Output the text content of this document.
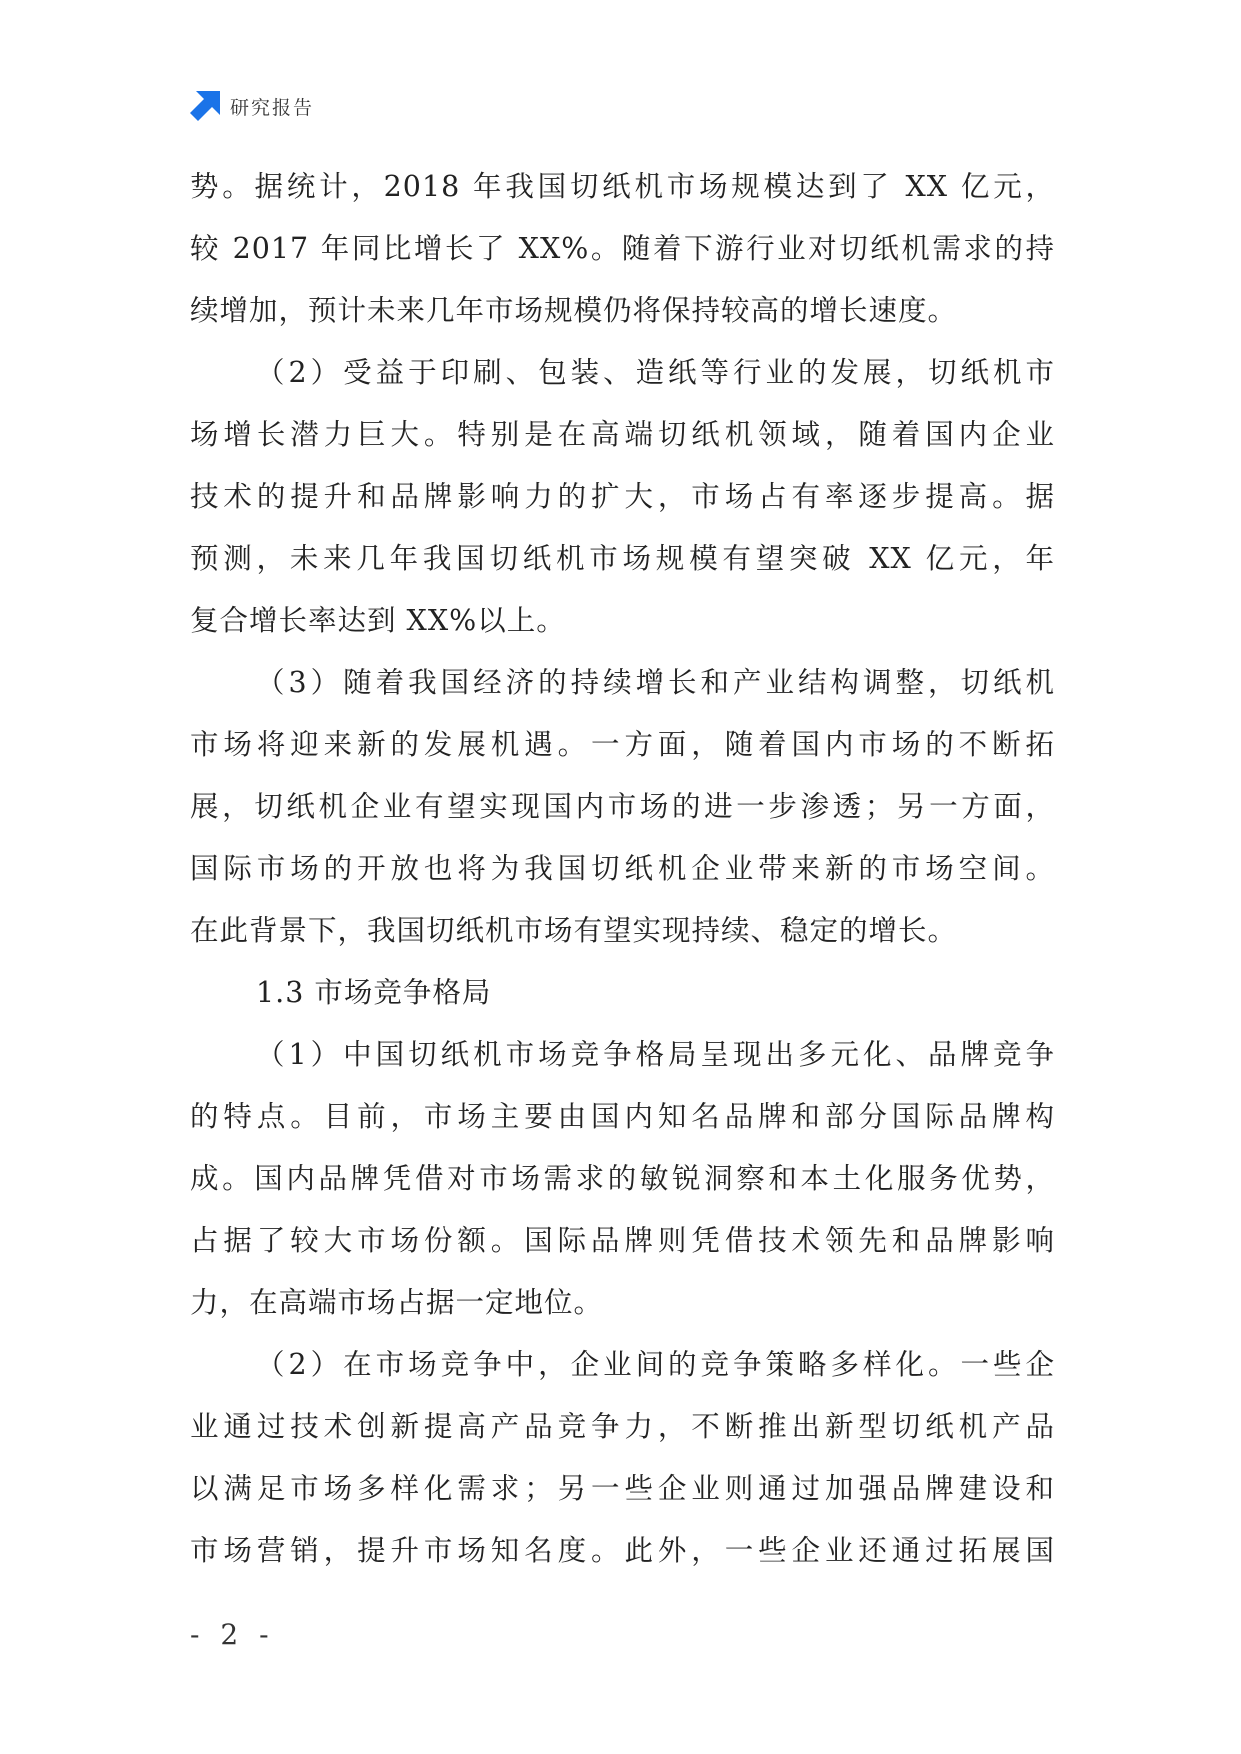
研究报告
势。据统计，2018 年我国切纸机市场规模达到了 XX 亿元，
较 2017 年同比增长了 XX%。随着下游行业对切纸机需求的持
续增加，预计未来几年市场规模仍将保持较高的增长速度。
（2）受益于印刷、包装、造纸等行业的发展，切纸机市
场增长潜力巨大。特别是在高端切纸机领域，随着国内企业
技术的提升和品牌影响力的扩大，市场占有率逐步提高。据
预测，未来几年我国切纸机市场规模有望突破 XX 亿元，年
复合增长率达到 XX%以上。
（3）随着我国经济的持续增长和产业结构调整，切纸机
市场将迎来新的发展机遇。一方面，随着国内市场的不断拓
展，切纸机企业有望实现国内市场的进一步渗透；另一方面，
国际市场的开放也将为我国切纸机企业带来新的市场空间。
在此背景下，我国切纸机市场有望实现持续、稳定的增长。
1.3 市场竞争格局
（1）中国切纸机市场竞争格局呈现出多元化、品牌竞争
的特点。目前，市场主要由国内知名品牌和部分国际品牌构
成。国内品牌凭借对市场需求的敏锐洞察和本土化服务优势，
占据了较大市场份额。国际品牌则凭借技术领先和品牌影响
力，在高端市场占据一定地位。
（2）在市场竞争中，企业间的竞争策略多样化。一些企
业通过技术创新提高产品竞争力，不断推出新型切纸机产品
以满足市场多样化需求；另一些企业则通过加强品牌建设和
市场营销，提升市场知名度。此外，一些企业还通过拓展国
- 2 -
